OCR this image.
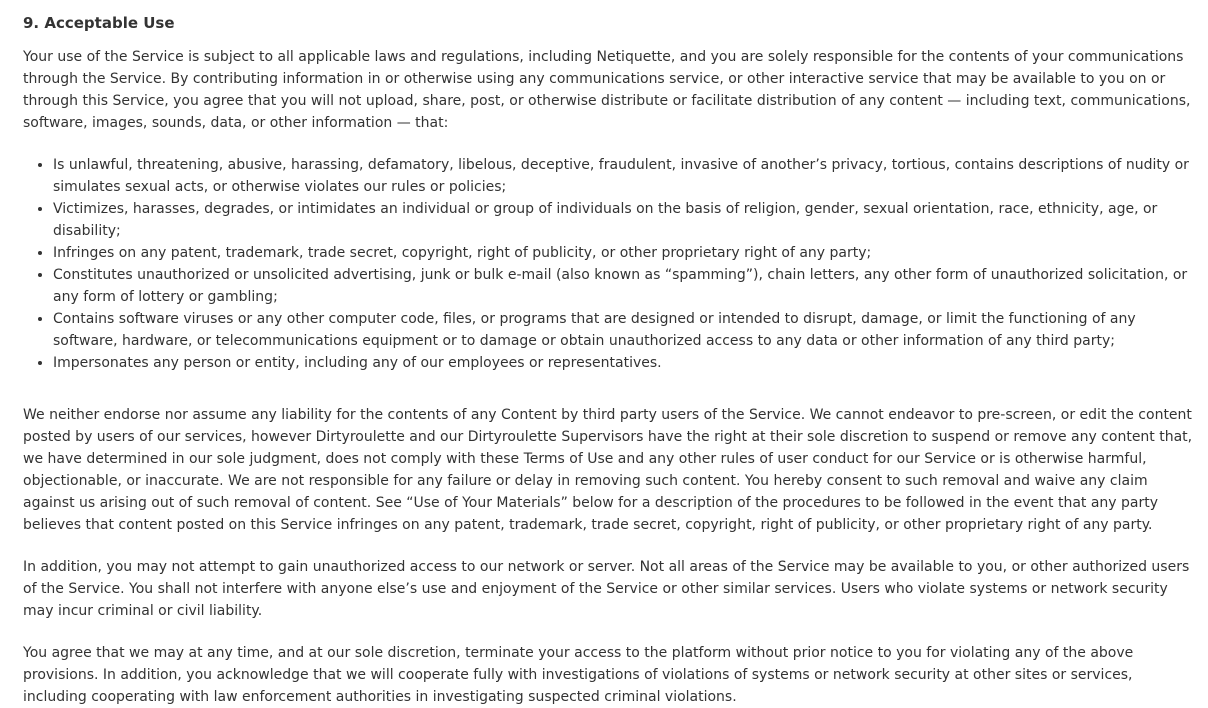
9. Acceptable Use

Your use of the Service is subject to all applicable laws and regulations, including Netiquette, and you are solely responsible for the contents of your communications through the Service. By contributing information in or otherwise using any communications service, or other interactive service that may be available to you on or through this Service, you agree that you will not upload, share, post, or otherwise distribute or facilitate distribution of any content — including text, communications, software, images, sounds, data, or other information — that:

• Is unlawful, threatening, abusive, harassing, defamatory, libelous, deceptive, fraudulent, invasive of another’s privacy, tortious, contains descriptions of nudity or simulates sexual acts, or otherwise violates our rules or policies;
• Victimizes, harasses, degrades, or intimidates an individual or group of individuals on the basis of religion, gender, sexual orientation, race, ethnicity, age, or disability;
• Infringes on any patent, trademark, trade secret, copyright, right of publicity, or other proprietary right of any party;
• Constitutes unauthorized or unsolicited advertising, junk or bulk e-mail (also known as “spamming”), chain letters, any other form of unauthorized solicitation, or any form of lottery or gambling;
• Contains software viruses or any other computer code, files, or programs that are designed or intended to disrupt, damage, or limit the functioning of any software, hardware, or telecommunications equipment or to damage or obtain unauthorized access to any data or other information of any third party;
• Impersonates any person or entity, including any of our employees or representatives.

We neither endorse nor assume any liability for the contents of any Content by third party users of the Service. We cannot endeavor to pre-screen, or edit the content posted by users of our services, however Dirtyroulette and our Dirtyroulette Supervisors have the right at their sole discretion to suspend or remove any content that, we have determined in our sole judgment, does not comply with these Terms of Use and any other rules of user conduct for our Service or is otherwise harmful, objectionable, or inaccurate. We are not responsible for any failure or delay in removing such content. You hereby consent to such removal and waive any claim against us arising out of such removal of content. See “Use of Your Materials” below for a description of the procedures to be followed in the event that any party believes that content posted on this Service infringes on any patent, trademark, trade secret, copyright, right of publicity, or other proprietary right of any party.

In addition, you may not attempt to gain unauthorized access to our network or server. Not all areas of the Service may be available to you, or other authorized users of the Service. You shall not interfere with anyone else’s use and enjoyment of the Service or other similar services. Users who violate systems or network security may incur criminal or civil liability.

You agree that we may at any time, and at our sole discretion, terminate your access to the platform without prior notice to you for violating any of the above provisions. In addition, you acknowledge that we will cooperate fully with investigations of violations of systems or network security at other sites or services, including cooperating with law enforcement authorities in investigating suspected criminal violations.
